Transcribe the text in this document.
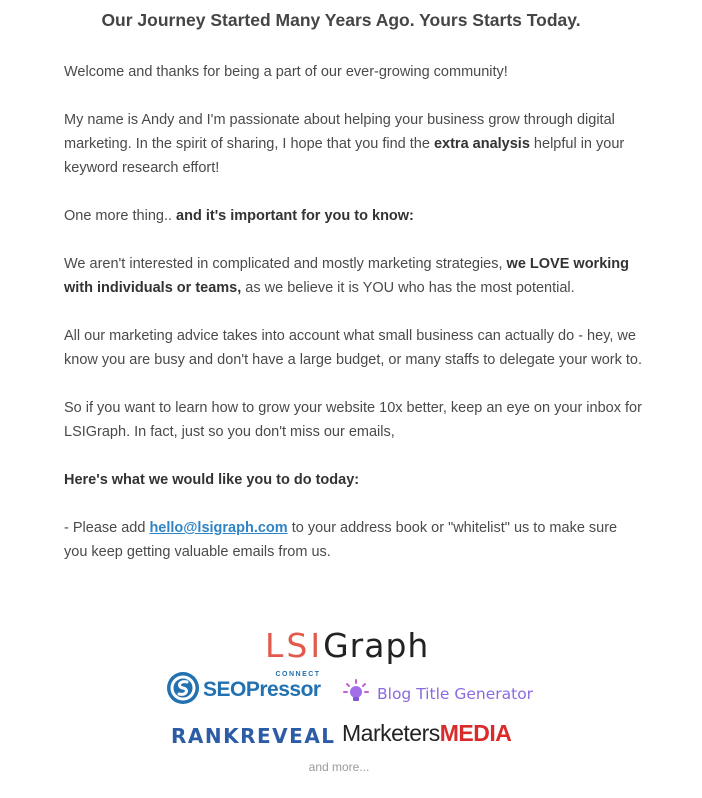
Our Journey Started Many Years Ago. Yours Starts Today.

Welcome and thanks for being a part of our ever-growing community!

My name is Andy and I'm passionate about helping your business grow through digital marketing. In the spirit of sharing, I hope that you find the extra analysis helpful in your keyword research effort!

One more thing.. and it's important for you to know:

We aren't interested in complicated and mostly marketing strategies, we LOVE working with individuals or teams, as we believe it is YOU who has the most potential.

All our marketing advice takes into account what small business can actually do - hey, we know you are busy and don't have a large budget, or many staffs to delegate your work to.

So if you want to learn how to grow your website 10x better, keep an eye on your inbox for LSIGraph. In fact, just so you don't miss our emails,

Here's what we would like you to do today:

- Please add hello@lsigraph.com to your address book or "whitelist" us to make sure you keep getting valuable emails from us.

LSIGraph
SEOPressor
CONNECT
Blog Title Generator
RANKREVEAL MarketersMEDIA
and more...
